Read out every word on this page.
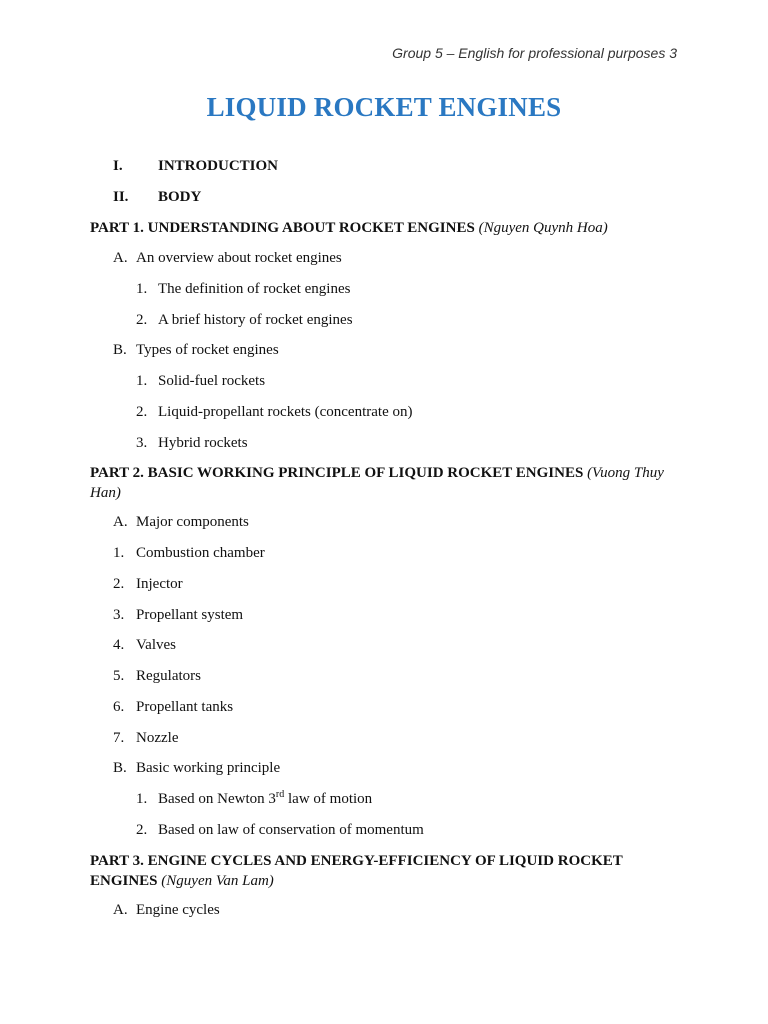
Group 5 – English for professional purposes 3
LIQUID ROCKET ENGINES
I. INTRODUCTION
II. BODY
PART 1. UNDERSTANDING ABOUT ROCKET ENGINES (Nguyen Quynh Hoa)
A. An overview about rocket engines
1. The definition of rocket engines
2. A brief history of rocket engines
B. Types of rocket engines
1. Solid-fuel rockets
2. Liquid-propellant rockets (concentrate on)
3. Hybrid rockets
PART 2. BASIC WORKING PRINCIPLE OF LIQUID ROCKET ENGINES (Vuong Thuy Han)
A. Major components
1. Combustion chamber
2. Injector
3. Propellant system
4. Valves
5. Regulators
6. Propellant tanks
7. Nozzle
B. Basic working principle
1. Based on Newton 3rd law of motion
2. Based on law of conservation of momentum
PART 3. ENGINE CYCLES AND ENERGY-EFFICIENCY OF LIQUID ROCKET ENGINES (Nguyen Van Lam)
A. Engine cycles
